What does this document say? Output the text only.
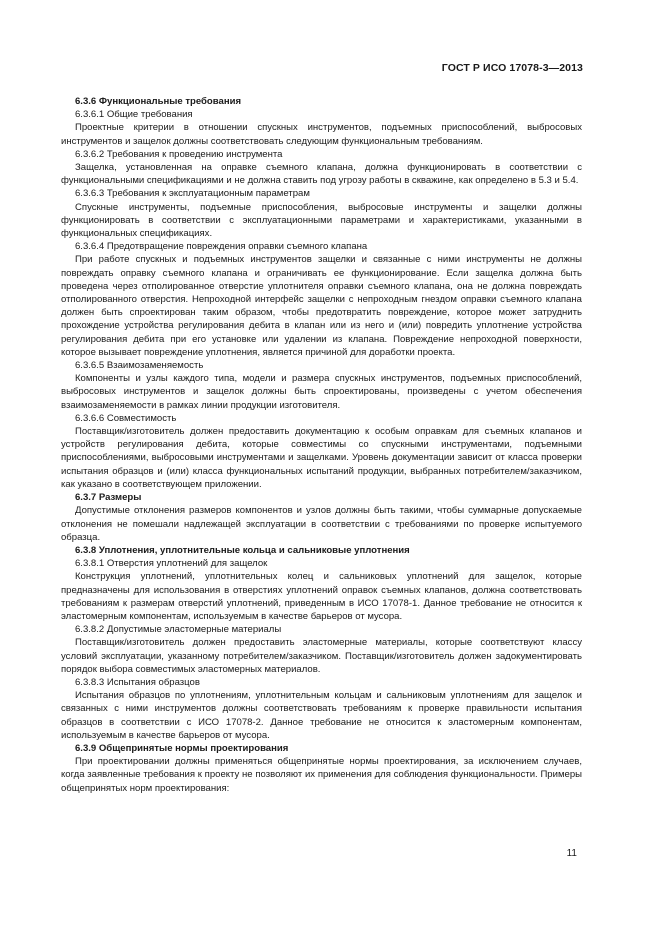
ГОСТ Р ИСО 17078-3—2013

6.3.6 Функциональные требования

6.3.6.1 Общие требования

Проектные критерии в отношении спускных инструментов, подъемных приспособлений, выбросовых инструментов и защелок должны соответствовать следующим функциональным требованиям.

6.3.6.2 Требования к проведению инструмента

Защелка, установленная на оправке съемного клапана, должна функционировать в соответствии с функциональными спецификациями и не должна ставить под угрозу работы в скважине, как определено в 5.3 и 5.4.

6.3.6.3 Требования к эксплуатационным параметрам

Спускные инструменты, подъемные приспособления, выбросовые инструменты и защелки должны функционировать в соответствии с эксплуатационными параметрами и характеристиками, указанными в функциональных спецификациях.

6.3.6.4 Предотвращение повреждения оправки съемного клапана

При работе спускных и подъемных инструментов защелки и связанные с ними инструменты не должны повреждать оправку съемного клапана и ограничивать ее функционирование. Если защелка должна быть проведена через отполированное отверстие уплотнителя оправки съемного клапана, она не должна повреждать отполированного отверстия. Непроходной интерфейс защелки с непроходным гнездом оправки съемного клапана должен быть спроектирован таким образом, чтобы предотвратить повреждение, которое может затруднить прохождение устройства регулирования дебита в клапан или из него и (или) повредить уплотнение устройства регулирования дебита при его установке или удалении из клапана. Повреждение непроходной поверхности, которое вызывает повреждение уплотнения, является причиной для доработки проекта.

6.3.6.5 Взаимозаменяемость

Компоненты и узлы каждого типа, модели и размера спускных инструментов, подъемных приспособлений, выбросовых инструментов и защелок должны быть спроектированы, произведены с учетом обеспечения взаимозаменяемости в рамках линии продукции изготовителя.

6.3.6.6 Совместимость

Поставщик/изготовитель должен предоставить документацию к особым оправкам для съемных клапанов и устройств регулирования дебита, которые совместимы со спускными инструментами, подъемными приспособлениями, выбросовыми инструментами и защелками. Уровень документации зависит от класса проверки испытания образцов и (или) класса функциональных испытаний продукции, выбранных потребителем/заказчиком, как указано в соответствующем приложении.

6.3.7 Размеры

Допустимые отклонения размеров компонентов и узлов должны быть такими, чтобы суммарные допускаемые отклонения не помешали надлежащей эксплуатации в соответствии с требованиями по проверке испытуемого образца.

6.3.8 Уплотнения, уплотнительные кольца и сальниковые уплотнения

6.3.8.1 Отверстия уплотнений для защелок

Конструкция уплотнений, уплотнительных колец и сальниковых уплотнений для защелок, которые предназначены для использования в отверстиях уплотнений оправок съемных клапанов, должна соответствовать требованиям к размерам отверстий уплотнений, приведенным в ИСО 17078-1. Данное требование не относится к эластомерным компонентам, используемым в качестве барьеров от мусора.

6.3.8.2 Допустимые эластомерные материалы

Поставщик/изготовитель должен предоставить эластомерные материалы, которые соответствуют классу условий эксплуатации, указанному потребителем/заказчиком. Поставщик/изготовитель должен задокументировать порядок выбора совместимых эластомерных материалов.

6.3.8.3 Испытания образцов

Испытания образцов по уплотнениям, уплотнительным кольцам и сальниковым уплотнениям для защелок и связанных с ними инструментов должны соответствовать требованиям к проверке правильности испытания образцов в соответствии с ИСО 17078-2. Данное требование не относится к эластомерным компонентам, используемым в качестве барьеров от мусора.

6.3.9 Общепринятые нормы проектирования

При проектировании должны применяться общепринятые нормы проектирования, за исключением случаев, когда заявленные требования к проекту не позволяют их применения для соблюдения функциональности. Примеры общепринятых норм проектирования:

11
